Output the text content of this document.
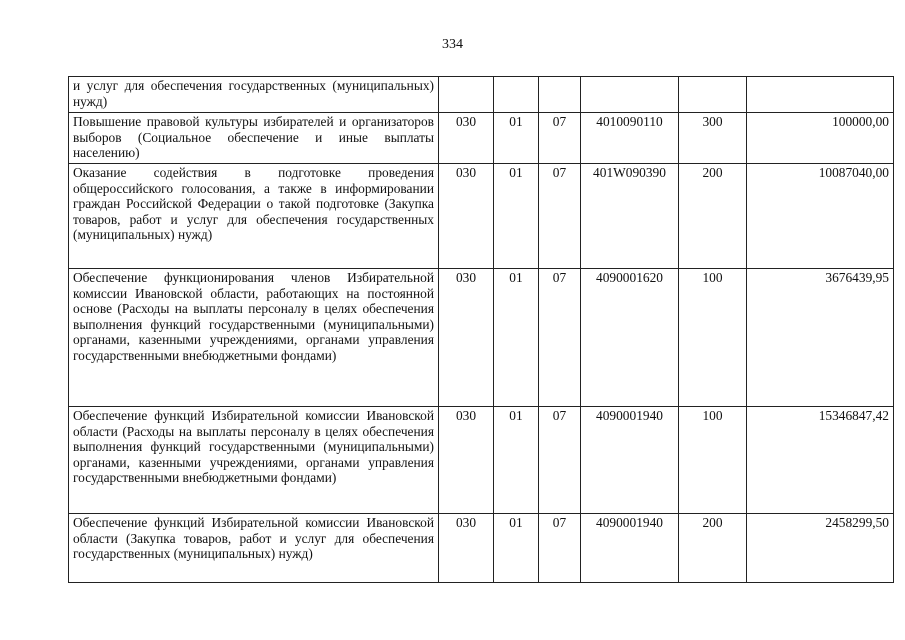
334
и услуг для обеспечения государственных (муниципальных) нужд)						
Повышение правовой культуры избирателей и организаторов выборов (Социальное обеспечение и иные выплаты населению)	030	01	07	4010090110	300	100000,00
Оказание содействия в подготовке проведения общероссийского голосования, а также в информировании граждан Российской Федерации о такой подготовке (Закупка товаров, работ и услуг для обеспечения государственных (муниципальных) нужд)	030	01	07	401W090390	200	10087040,00
Обеспечение функционирования членов Избирательной комиссии Ивановской области, работающих на постоянной основе (Расходы на выплаты персоналу в целях обеспечения выполнения функций государственными (муниципальными) органами, казенными учреждениями, органами управления государственными внебюджетными фондами)	030	01	07	4090001620	100	3676439,95
Обеспечение функций Избирательной комиссии Ивановской области (Расходы на выплаты персоналу в целях обеспечения выполнения функций государственными (муниципальными) органами, казенными учреждениями, органами управления государственными внебюджетными фондами)	030	01	07	4090001940	100	15346847,42
Обеспечение функций Избирательной комиссии Ивановской области (Закупка товаров, работ и услуг для обеспечения государственных (муниципальных) нужд)	030	01	07	4090001940	200	2458299,50
